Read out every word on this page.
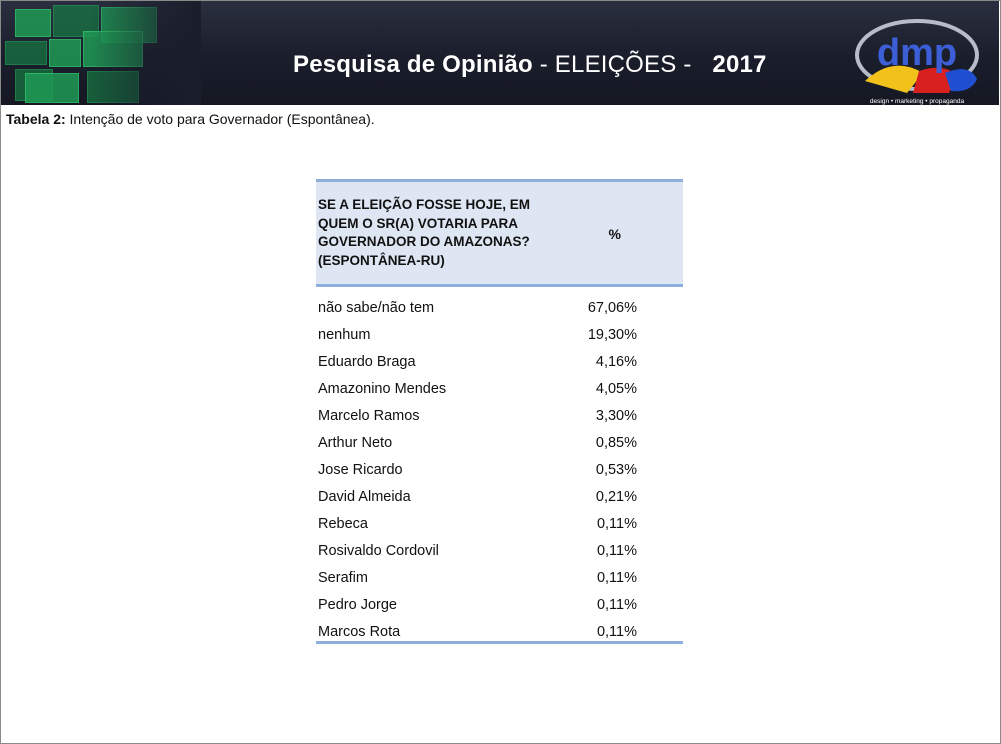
Pesquisa de Opinião - ELEIÇÕES - 2017	dmp
design • marketing • propaganda
Tabela 2: Intenção de voto para Governador (Espontânea).
SE A ELEIÇÃO FOSSE HOJE, EM QUEM O SR(A) VOTARIA PARA GOVERNADOR DO AMAZONAS? (ESPONTÂNEA-RU)
%
não sabe/não tem	67,06%
nenhum	19,30%
Eduardo Braga	4,16%
Amazonino Mendes	4,05%
Marcelo Ramos	3,30%
Arthur Neto	0,85%
Jose Ricardo	0,53%
David Almeida	0,21%
Rebeca	0,11%
Rosivaldo Cordovil	0,11%
Serafim	0,11%
Pedro Jorge	0,11%
Marcos Rota	0,11%
